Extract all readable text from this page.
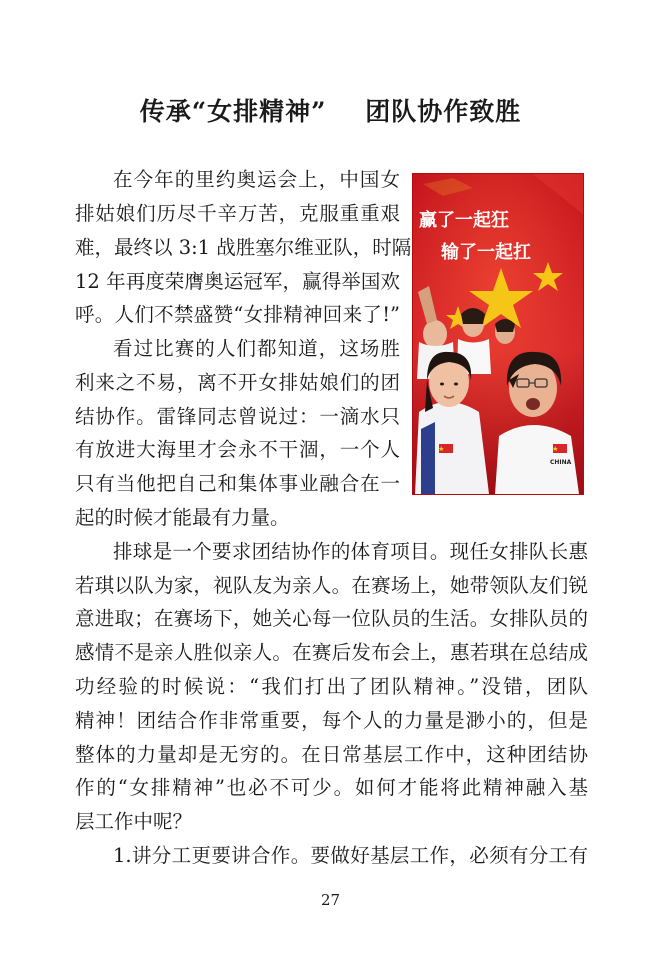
传承“女排精神”    团队协作致胜

在今年的里约奥运会上，中国女

排姑娘们历尽千辛万苦，克服重重艰

难，最终以 3:1 战胜塞尔维亚队，时隔

12 年再度荣膺奥运冠军，赢得举国欢

呼。人们不禁盛赞“女排精神回来了!”

看过比赛的人们都知道，这场胜

利来之不易，离不开女排姑娘们的团

结协作。雷锋同志曾说过：一滴水只

有放进大海里才会永不干涸，一个人

只有当他把自己和集体事业融合在一

起的时候才能最有力量。

排球是一个要求团结协作的体育项目。现任女排队长惠

若琪以队为家，视队友为亲人。在赛场上，她带领队友们锐

意进取；在赛场下，她关心每一位队员的生活。女排队员的

感情不是亲人胜似亲人。在赛后发布会上，惠若琪在总结成

功经验的时候说：“我们打出了团队精神。”没错，团队

精神！团结合作非常重要，每个人的力量是渺小的，但是

整体的力量却是无穷的。在日常基层工作中，这种团结协

作的“女排精神”也必不可少。如何才能将此精神融入基

层工作中呢？

1.讲分工更要讲合作。要做好基层工作，必须有分工有

赢了一起狂
输了一起扛
CHINA

27
